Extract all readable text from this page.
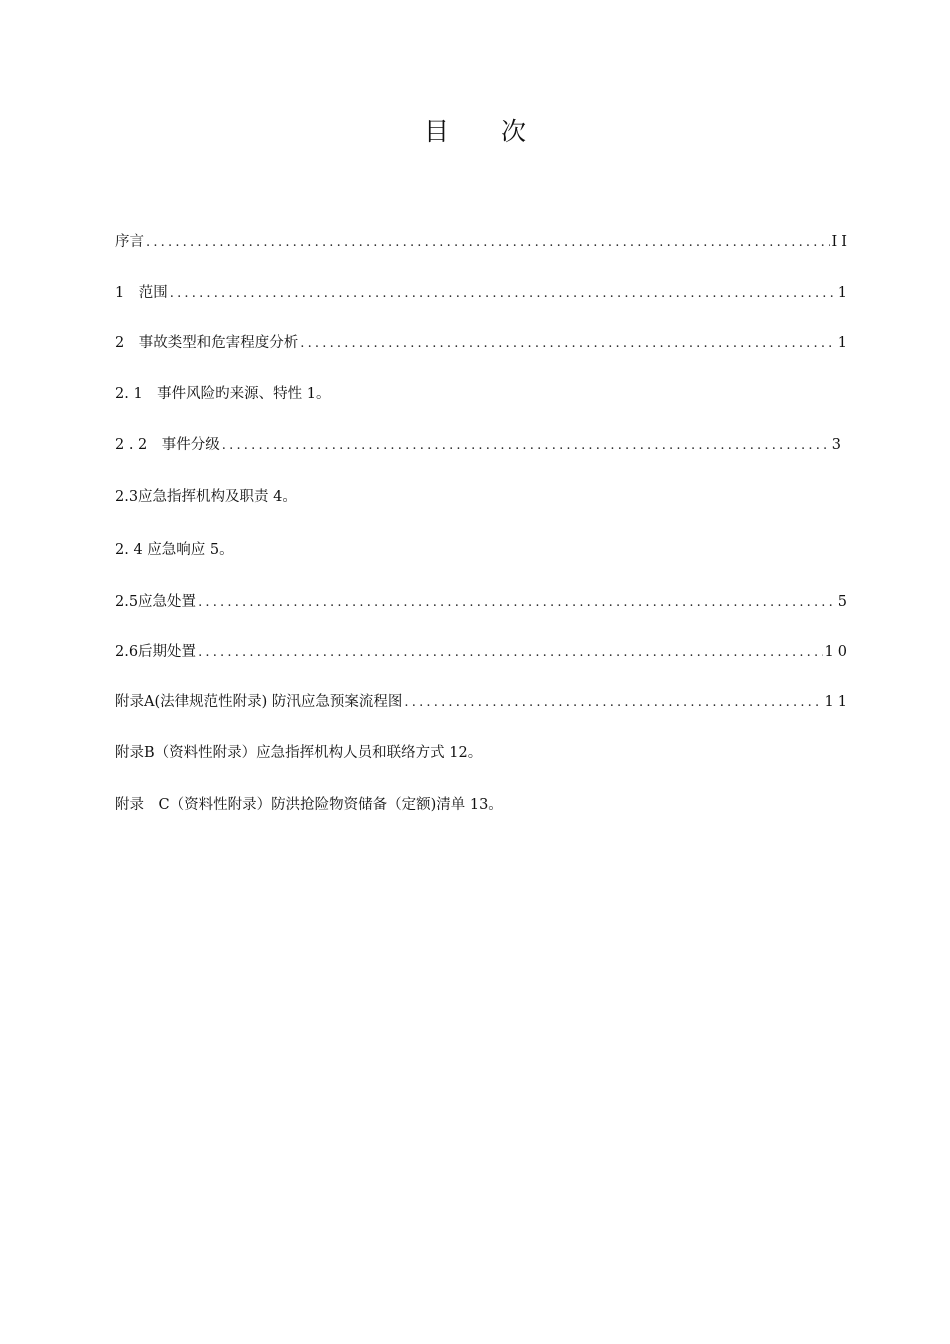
目 次
序言 .....	II
1　范围 .....	1
2　事故类型和危害程度分析 .....	1
2. 1　事件风险旳来源、特性 1。
2 . 2　事件分级 .....	3
2.3应急指挥机构及职责 4。
2. 4 应急响应 5。
2.5应急处置 .....	5
2.6后期处置 .....	10
附录A(法律规范性附录) 防汛应急预案流程图 .....	11
附录B（资料性附录）应急指挥机构人员和联络方式 12。
附录　C（资料性附录）防洪抢险物资储备（定额)清单 13。
